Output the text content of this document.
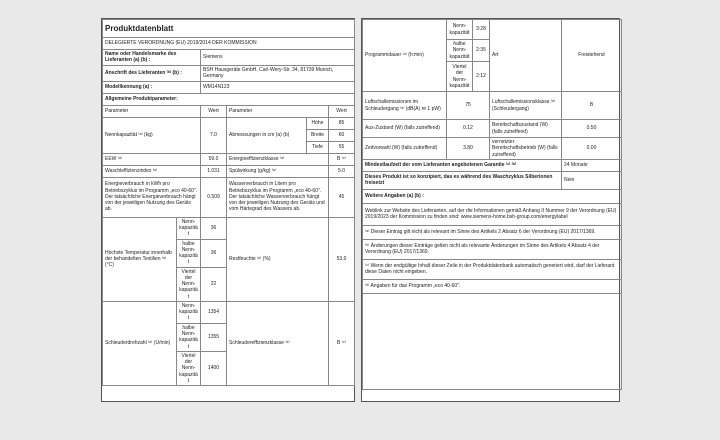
Produktdatenblatt					
DELEGIERTE VERORDNUNG (EU) 2019/2014 DER KOMMISSION					
Name oder Handelsmarke des Lieferanten (a) (b) :		Siemens			
Anschrift des Lieferanten ⁽ᵇ⁾ (b) :		BSH Hausgeräte GmbH, Carl-Wery-Str. 34, 81739 Munich, Germany			
Modellkennung (a) :		WM14N123			
Allgemeine Produktparameter:					
Parameter		Wert	Parameter		Wert
Nennkapazität ⁽ᵃ⁾ (kg)		7.0	Abmessungen in cm (a) (b)	Höhe	85
				Breite	60
				Tiefe	55
EEW ⁽ᵃ⁾		59.0	Energieeffizienzklasse ⁽ᵃ⁾		B ⁽ᶜ⁾
Waschleffizienzindex ⁽ᵃ⁾		1.031	Spülwirkung (g/kg) ⁽ᵃ⁾		5.0
Energieverbrauch in kWh pro Betriebszyklus im Programm „eco 40-60". Der tatsächliche Energieverbrauch hängt von der jeweiligen Nutzung des Geräts ab.		0.509	Wasserverbrauch in Litern pro Betriebszyklus im Programm „eco 40-60". Der tatsächliche Wasserverbrauch hängt von der jeweiligen Nutzung des Geräts und vom Härtegrad des Wassers ab.		45
Höchste Temperatur innerhalb der behandelten Textilien ⁽ᵃ⁾ (°C)	Nenn-kapazität	36	Restfeuchte ⁽ᵃ⁾ (%)		53.0
	halbe Nenn-kapazität	36			
	Viertel der Nenn-kapazität	22			
Schleuderdrehzahl ⁽ᵃ⁾ (U/min)	Nenn-kapazität	1354	Schleudereffizienzklasse ⁽ᵃ⁾		B ⁽ᶜ⁾
	halbe Nenn-kapazität	1355			
	Viertel der Nenn-kapazität	1400			
Programmdauer ⁽ᵃ⁾ (h:min)	Nenn-kapazität	3:28	Art	Freistehend
	halbe Nenn-kapazität	2:35		
	Viertel der Nenn-kapazität	2:12		
Luftschallemissionen im Schleudergang ⁽ᵃ⁾ (dB(A) re 1 pW)	75		Luftschallemissionsklasse ⁽ᵃ⁾ (Schleudergang)	B
Aus-Zustand (W) (falls zutreffend)	0.12		Bereitschaftszustand (W) (falls zutreffend)	0.50
Zeitvorwahl (W) (falls zutreffend)	3.80		vernetzter Bereitschaftsbetrieb (W) (falls zutreffend)	0.00
Mindestlaufzeit der vom Lieferanten angebotenen Garantie ⁽ᵃ⁾ ⁽ᵇ⁾				24 Monate
Dieses Produkt ist so konzipiert, das es während des Waschzyklus Silberionen freisetzt				Nein
Weitere Angaben (a) (b) :				
Weblink zur Website des Lieferanten, auf der die Informationen gemäß Anhang II Nummer 9 der Verordnung (EU) 2019/2023 der Kommission zu finden sind: www.siemens-home.bsh-group.com/energylabel				
⁽ᵃ⁾ Dieser Eintrag gilt nicht als relevant im Sinne des Artikels 2 Absatz 6 der Verordnung (EU) 2017/1369.				
⁽ᵇ⁾ Änderungen dieser Einträge gelten nicht als relevante Änderungen im Sinne des Artikels 4 Absatz 4 der Verordnung (EU) 2017/1369.				
⁽ᶜ⁾ Wenn der endgültige Inhalt dieser Zeile in der Produktdatenbank automatisch generiert wird, darf der Lieferant diese Daten nicht eingeben.				
⁽ᵈ⁾ Angaben für das Programm „eco 40-60".				
